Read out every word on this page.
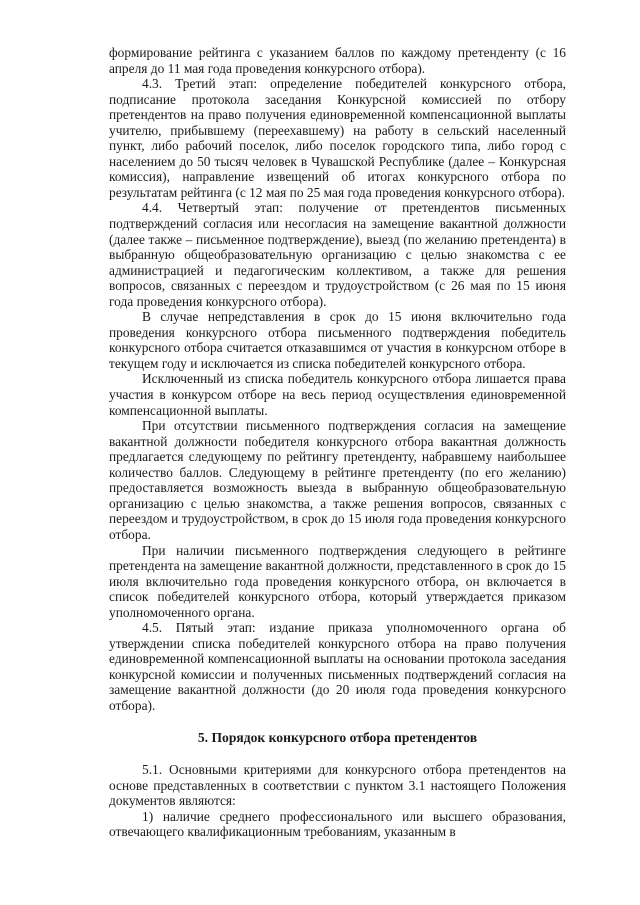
формирование рейтинга с указанием баллов по каждому претенденту (с 16 апреля до 11 мая года проведения конкурсного отбора).

4.3. Третий этап: определение победителей конкурсного отбора, подписание протокола заседания Конкурсной комиссией по отбору претендентов на право получения единовременной компенсационной выплаты учителю, прибывшему (переехавшему) на работу в сельский населенный пункт, либо рабочий поселок, либо поселок городского типа, либо город с населением до 50 тысяч человек в Чувашской Республике (далее – Конкурсная комиссия), направление извещений об итогах конкурсного отбора по результатам рейтинга (с 12 мая по 25 мая года проведения конкурсного отбора).

4.4. Четвертый этап: получение от претендентов письменных подтверждений согласия или несогласия на замещение вакантной должности (далее также – письменное подтверждение), выезд (по желанию претендента) в выбранную общеобразовательную организацию с целью знакомства с ее администрацией и педагогическим коллективом, а также для решения вопросов, связанных с переездом и трудоустройством (с 26 мая по 15 июня года проведения конкурсного отбора).

В случае непредставления в срок до 15 июня включительно года проведения конкурсного отбора письменного подтверждения победитель конкурсного отбора считается отказавшимся от участия в конкурсном отборе в текущем году и исключается из списка победителей конкурсного отбора.

Исключенный из списка победитель конкурсного отбора лишается права участия в конкурсом отборе на весь период осуществления единовременной компенсационной выплаты.

При отсутствии письменного подтверждения согласия на замещение вакантной должности победителя конкурсного отбора вакантная должность предлагается следующему по рейтингу претенденту, набравшему наибольшее количество баллов. Следующему в рейтинге претенденту (по его желанию) предоставляется возможность выезда в выбранную общеобразовательную организацию с целью знакомства, а также решения вопросов, связанных с переездом и трудоустройством, в срок до 15 июля года проведения конкурсного отбора.

При наличии письменного подтверждения следующего в рейтинге претендента на замещение вакантной должности, представленного в срок до 15 июля включительно года проведения конкурсного отбора, он включается в список победителей конкурсного отбора, который утверждается приказом уполномоченного органа.

4.5. Пятый этап: издание приказа уполномоченного органа об утверждении списка победителей конкурсного отбора на право получения единовременной компенсационной выплаты на основании протокола заседания конкурсной комиссии и полученных письменных подтверждений согласия на замещение вакантной должности (до 20 июля года проведения конкурсного отбора).

5. Порядок конкурсного отбора претендентов

5.1. Основными критериями для конкурсного отбора претендентов на основе представленных в соответствии с пунктом 3.1 настоящего Положения документов являются:

1) наличие среднего профессионального или высшего образования, отвечающего квалификационным требованиям, указанным в
